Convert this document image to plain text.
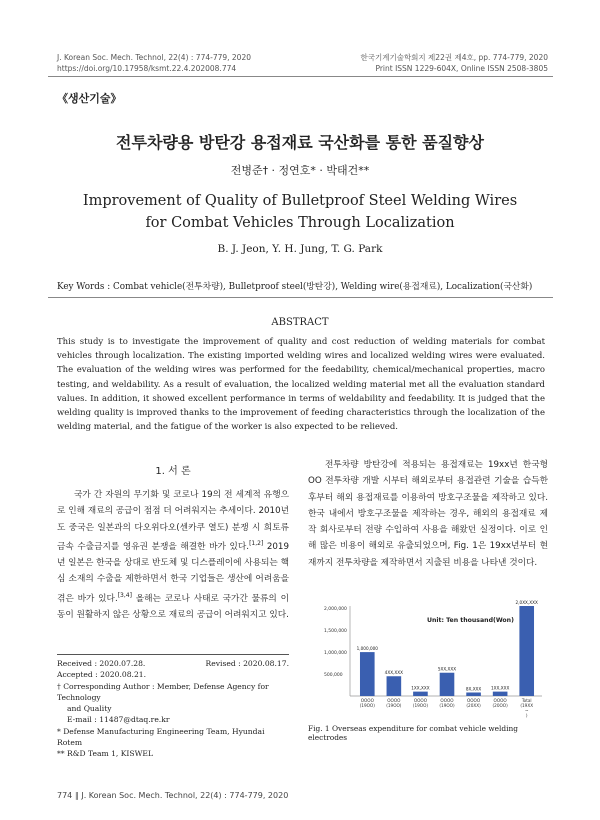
J. Korean Soc. Mech. Technol, 22(4) : 774-779, 2020
https://doi.org/10.17958/ksmt.22.4.202008.774
한국기계기술학회지 제22권 제4호, pp. 774-779, 2020
Print ISSN 1229-604X, Online ISSN 2508-3805
《생산기술》
전투차량용 방탄강 용접재료 국산화를 통한 품질향상
전병준† · 정연호* · 박태건**
Improvement of Quality of Bulletproof Steel Welding Wires
for Combat Vehicles Through Localization
B. J. Jeon, Y. H. Jung, T. G. Park
Key Words : Combat vehicle(전투차량), Bulletproof steel(방탄강), Welding wire(용접재료), Localization(국산화)
ABSTRACT
This study is to investigate the improvement of quality and cost reduction of welding materials for combat vehicles through localization. The existing imported welding wires and localized welding wires were evaluated. The evaluation of the welding wires was performed for the feedability, chemical/mechanical properties, macro testing, and weldability. As a result of evaluation, the localized welding material met all the evaluation standard values. In addition, it showed excellent performance in terms of weldability and feedability. It is judged that the welding quality is improved thanks to the improvement of feeding characteristics through the localization of the welding material, and the fatigue of the worker is also expected to be relieved.
1. 서 론
국가 간 자원의 무기화 및 코로나 19의 전 세계적 유행으로 인해 재료의 공급이 점점 더 어려워지는 추세이다. 2010년도 중국은 일본과의 다오위다오(센카쿠 열도) 분쟁 시 희토류 금속 수출금지를 영유권 분쟁을 해결한 바가 있다.[1,2] 2019년 일본은 한국을 상대로 반도체 및 디스플레이에 사용되는 핵심 소재의 수출을 제한하면서 한국 기업들은 생산에 어려움을 겪은 바가 있다.[3,4] 올해는 코로나 사태로 국가간 물류의 이동이 원활하지 않은 상황으로 재료의 공급이 어려워지고 있다.
Received : 2020.07.28.	Revised : 2020.08.17.
Accepted : 2020.08.21.
† Corresponding Author : Member, Defense Agency for Technology
and Quality
E-mail : 11487@dtaq.re.kr
* Defense Manufacturing Engineering Team, Hyundai Rotem
** R&D Team 1, KISWEL
전투차량 방탄강에 적용되는 용접재료는 19xx년 한국형 OO 전투차량 개발 시부터 해외로부터 용접관련 기술을 습득한 후부터 해외 용접재료를 이용하여 방호구조물을 제작하고 있다. 한국 내에서 방호구조물을 제작하는 경우, 해외의 용접재료 제작 회사로부터 전량 수입하여 사용을 해왔던 실정이다. 이로 인해 많은 비용이 해외로 유출되었으며, Fig. 1은 19xx년부터 현재까지 전투차량을 제작하면서 지출된 비용을 나타낸 것이다.
2,000,000
1,500,000
1,000,000
500,000
Unit: Ten thousand(Won)
1,000,000
OOOO
(19OO)
4XX,XXX
OOOO
(19OO)
1XX,XXX
OOOO
(19OO)
5XX,XXX
OOOO
(19OO)
8X,XXX
OOOO
(20XX)
1XX,XXX
OOOO
(20OO)
2,0XX,XXX
Total
(19XX
~
)
Fig. 1 Overseas expenditure for combat vehicle welding electrodes
774 ∥ J. Korean Soc. Mech. Technol, 22(4) : 774-779, 2020
